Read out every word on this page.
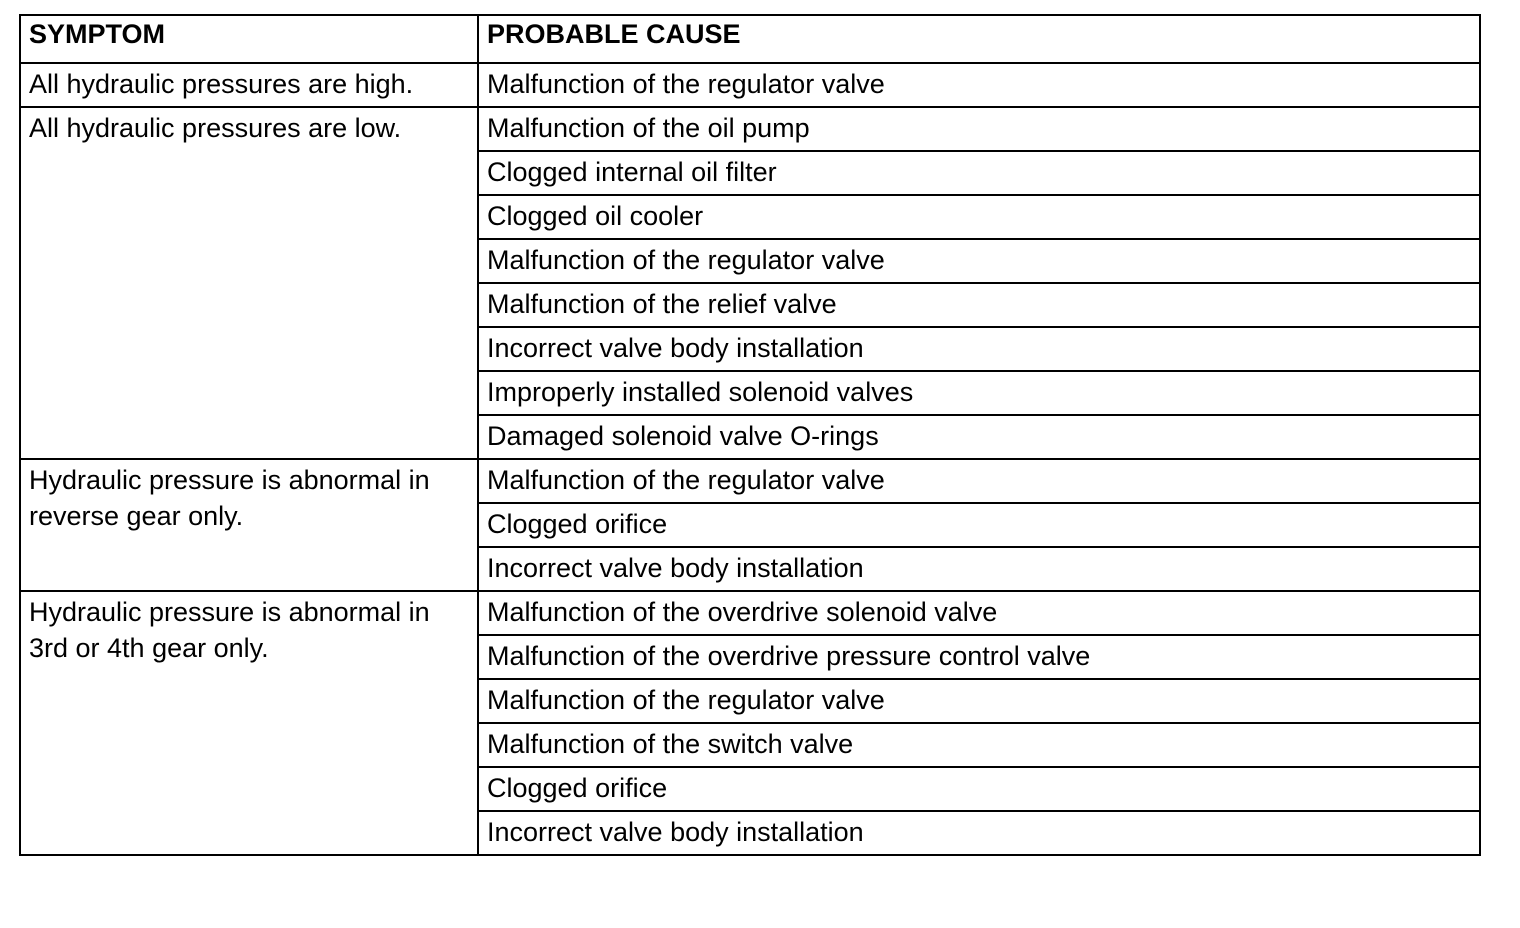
SYMPTOM	PROBABLE CAUSE

All hydraulic pressures are high.	Malfunction of the regulator valve

All hydraulic pressures are low.	Malfunction of the oil pump

	Clogged internal oil filter

	Clogged oil cooler

	Malfunction of the regulator valve

	Malfunction of the relief valve

	Incorrect valve body installation

	Improperly installed solenoid valves

	Damaged solenoid valve O-rings

Hydraulic pressure is abnormal in reverse gear only.	Malfunction of the regulator valve

	Clogged orifice

	Incorrect valve body installation

Hydraulic pressure is abnormal in 3rd or 4th gear only.	Malfunction of the overdrive solenoid valve

	Malfunction of the overdrive pressure control valve

	Malfunction of the regulator valve

	Malfunction of the switch valve

	Clogged orifice

	Incorrect valve body installation
